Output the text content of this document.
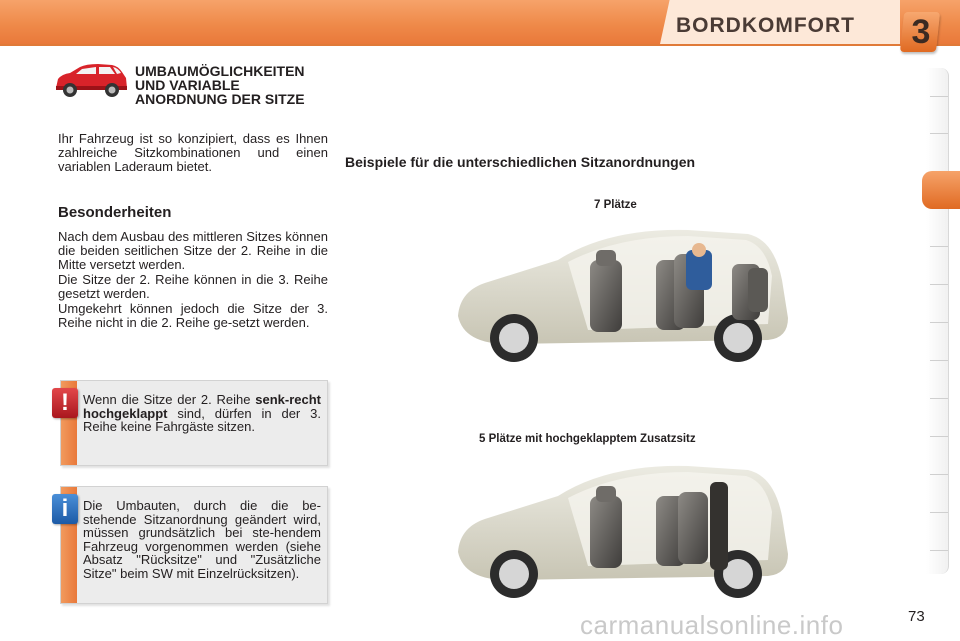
BORDKOMFORT 3
UMBAUMÖGLICHKEITEN
UND VARIABLE
ANORDNUNG DER SITZE
Ihr Fahrzeug ist so konzipiert, dass es Ihnen zahlreiche Sitzkombinationen und einen variablen Laderaum bietet.
Besonderheiten
Nach dem Ausbau des mittleren Sitzes können die beiden seitlichen Sitze der 2. Reihe in die Mitte versetzt werden.
Die Sitze der 2. Reihe können in die 3. Reihe gesetzt werden.
Umgekehrt können jedoch die Sitze der 3. Reihe nicht in die 2. Reihe ge-setzt werden.
Wenn die Sitze der 2. Reihe senk-recht hochgeklappt sind, dürfen in der 3. Reihe keine Fahrgäste sitzen.
!
Die Umbauten, durch die die be-stehende Sitzanordnung geändert wird, müssen grundsätzlich bei ste-hendem Fahrzeug vorgenommen werden (siehe Absatz "Rücksitze" und "Zusätzliche Sitze" beim SW mit Einzelrücksitzen).
i
Beispiele für die unterschiedlichen Sitzanordnungen
7 Plätze
5 Plätze mit hochgeklapptem Zusatzsitz
carmanualsonline.info	73
